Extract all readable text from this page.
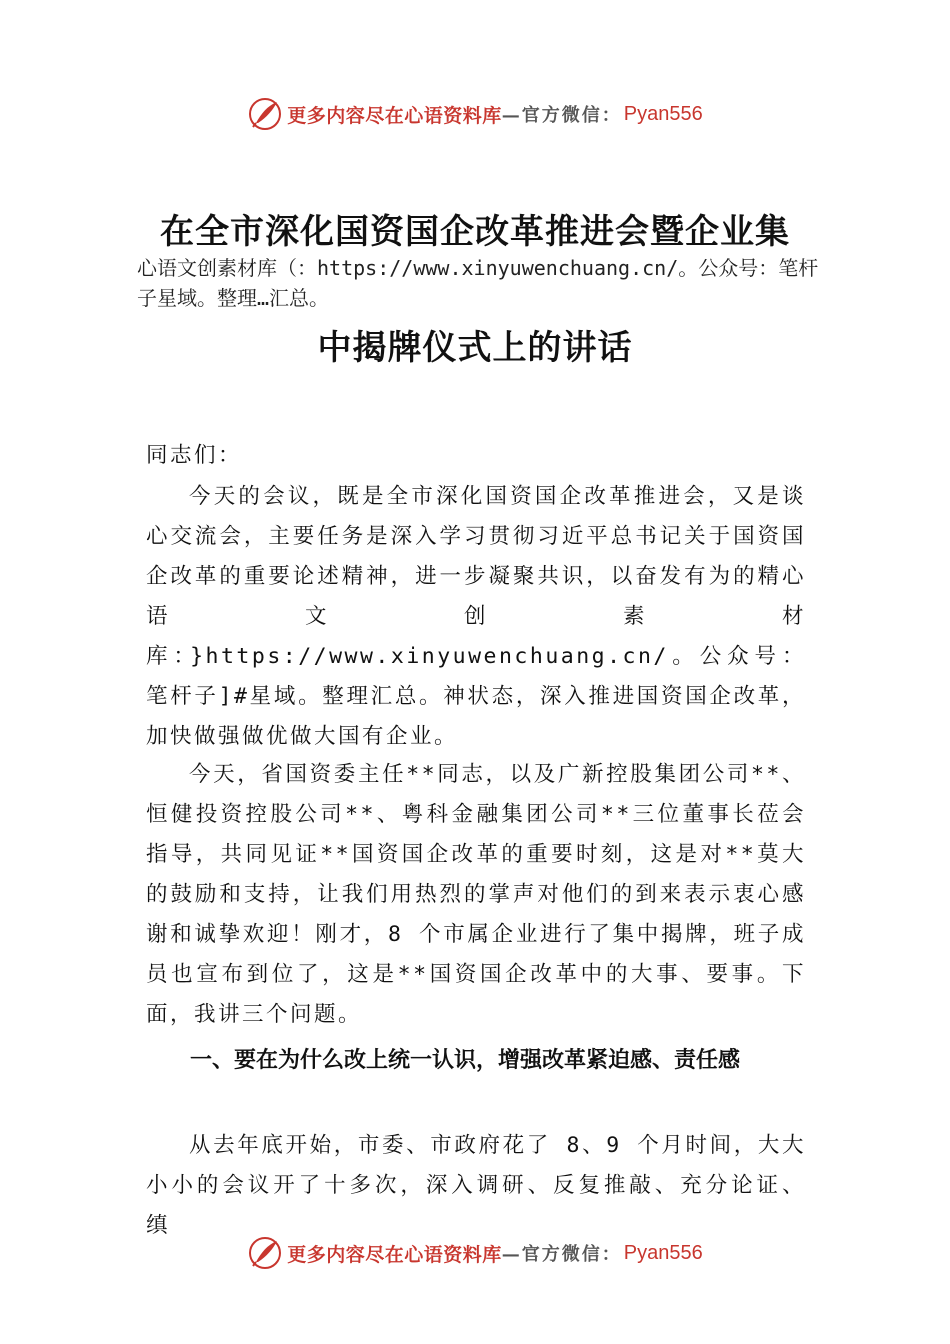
更多内容尽在心语资料库 —官方微信： Pyan556
在全市深化国资国企改革推进会暨企业集
心语文创素材库（：https://www.xinyuwenchuang.cn/。公众号：笔杆子星域。整理…汇总。
中揭牌仪式上的讲话
同志们：
今天的会议，既是全市深化国资国企改革推进会，又是谈心交流会，主要任务是深入学习贯彻习近平总书记关于国资国企改革的重要论述精神，进一步凝聚共识，以奋发有为的精心语文创素材库：}https://www.xinyuwenchuang.cn/。公众号：笔杆子]#星域。整理汇总。神状态，深入推进国资国企改革，加快做强做优做大国有企业。
今天，省国资委主任**同志，以及广新控股集团公司**、恒健投资控股公司**、粤科金融集团公司**三位董事长莅会指导，共同见证**国资国企改革的重要时刻，这是对**莫大的鼓励和支持，让我们用热烈的掌声对他们的到来表示衷心感谢和诚挚欢迎！刚才，8 个市属企业进行了集中揭牌，班子成员也宣布到位了，这是**国资国企改革中的大事、要事。下面，我讲三个问题。
一、要在为什么改上统一认识，增强改革紧迫感、责任感
从去年底开始，市委、市政府花了 8、9 个月时间，大大小小的会议开了十多次，深入调研、反复推敲、充分论证、 缜
更多内容尽在心语资料库 —官方微信： Pyan556
